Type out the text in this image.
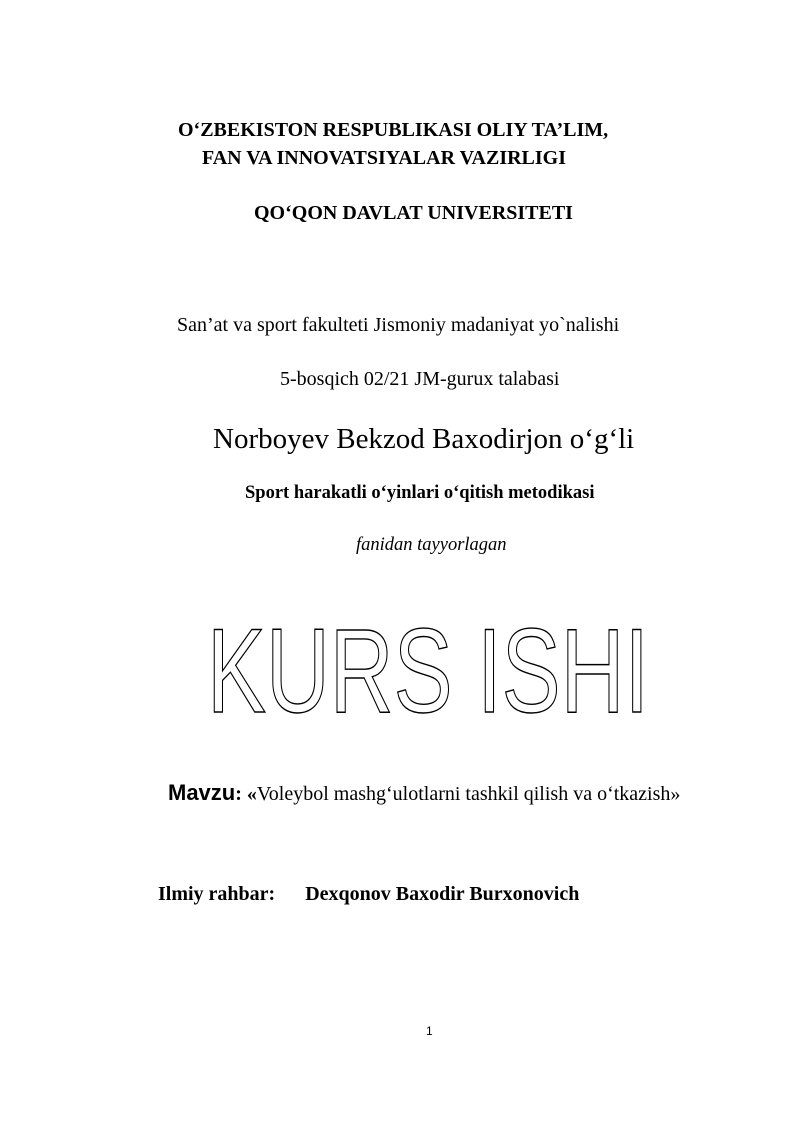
O‘ZBEKISTON RESPUBLIKASI OLIY TA’LIM,
FAN VA INNOVATSIYALAR VAZIRLIGI
QO‘QON DAVLAT UNIVERSITETI
San’at va sport fakulteti Jismoniy madaniyat yo`nalishi
5-bosqich 02/21 JM-gurux talabasi
Norboyev Bekzod Baxodirjon o‘g‘li
Sport harakatli o‘yinlari o‘qitish metodikasi
fanidan tayyorlagan
KURS ISHI
Mavzu: «Voleybol mashg‘ulotlarni tashkil qilish va o‘tkazish»
Ilmiy rahbar: Dexqonov Baxodir Burxonovich
1
